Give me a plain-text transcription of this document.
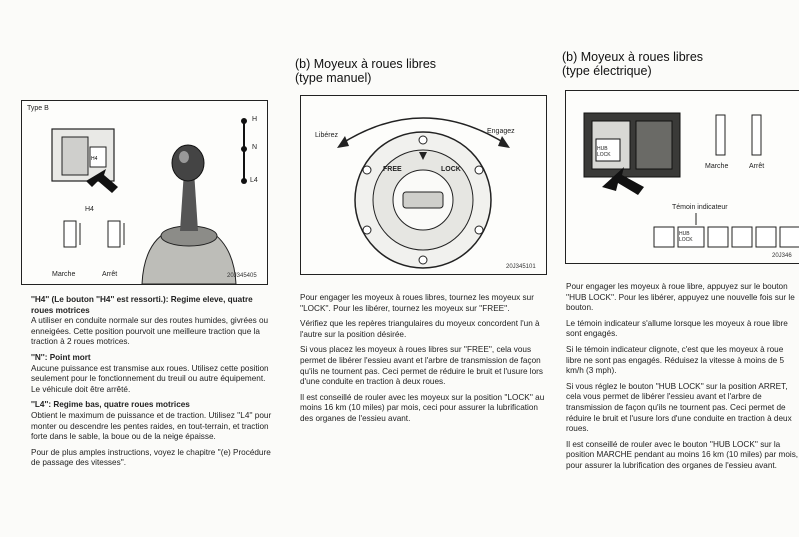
Type B
H4
H
N
L4
H4
Marche	Arrêt	20J345405

''H4'' (Le bouton ''H4'' est ressorti.): Regime eleve, quatre roues motrices
A utiliser en conduite normale sur des routes humides, givrées ou enneigées. Cette position pourvoit une meilleure traction que la traction à 2 roues motrices.

''N'': Point mort
Aucune puissance est transmise aux roues. Utilisez cette position seulement pour le fonctionnement du treuil ou autre équipement. Le véhicule doit être arrêté.

''L4'': Regime bas, quatre roues motrices
Obtient le maximum de puissance et de traction. Utilisez ''L4'' pour monter ou descendre les pentes raides, en tout-terrain, et traction forte dans le sable, la boue ou de la neige épaisse.

Pour de plus amples instructions, voyez le chapitre ''(e) Procédure de passage des vitesses''.

(b) Moyeux à roues libres
(type manuel)
Libérez
Engagez
FREE	LOCK
20J345101

Pour engager les moyeux à roues libres, tournez les moyeux sur ''LOCK''. Pour les libérer, tournez les moyeux sur ''FREE''.

Vérifiez que les repères triangulaires du moyeux concordent l'un à l'autre sur la position désirée.

Si vous placez les moyeux à roues libres sur ''FREE'', cela vous permet de libérer l'essieu avant et l'arbre de transmission de façon qu'ils ne tournent pas. Ceci permet de réduire le bruit et l'usure lors d'une conduite en traction à deux roues.

Il est conseillé de rouler avec les moyeux sur la position ''LOCK'' au moins 16 km (10 miles) par mois, ceci pour assurer la lubrification des organes de l'essieu avant.

(b) Moyeux à roues libres
(type électrique)
HUB LOCK
Marche	Arrêt
Témoin indicateur
HUB LOCK
20J346

Pour engager les moyeux à roue libre, appuyez sur le bouton ''HUB LOCK''. Pour les libérer, appuyez une nouvelle fois sur le bouton.

Le témoin indicateur s'allume lorsque les moyeux à roue libre sont engagés.

Si le témoin indicateur clignote, c'est que les moyeux à roue libre ne sont pas engagés. Réduisez la vitesse à moins de 5 km/h (3 mph).

Si vous réglez le bouton ''HUB LOCK'' sur la position ARRET, cela vous permet de libérer l'essieu avant et l'arbre de transmission de façon qu'ils ne tournent pas. Ceci permet de réduire le bruit et l'usure lors d'une conduite en traction à deux roues.

Il est conseillé de rouler avec le bouton ''HUB LOCK'' sur la position MARCHE pendant au moins 16 km (10 miles) par mois, pour assurer la lubrification des organes de l'essieu avant.
